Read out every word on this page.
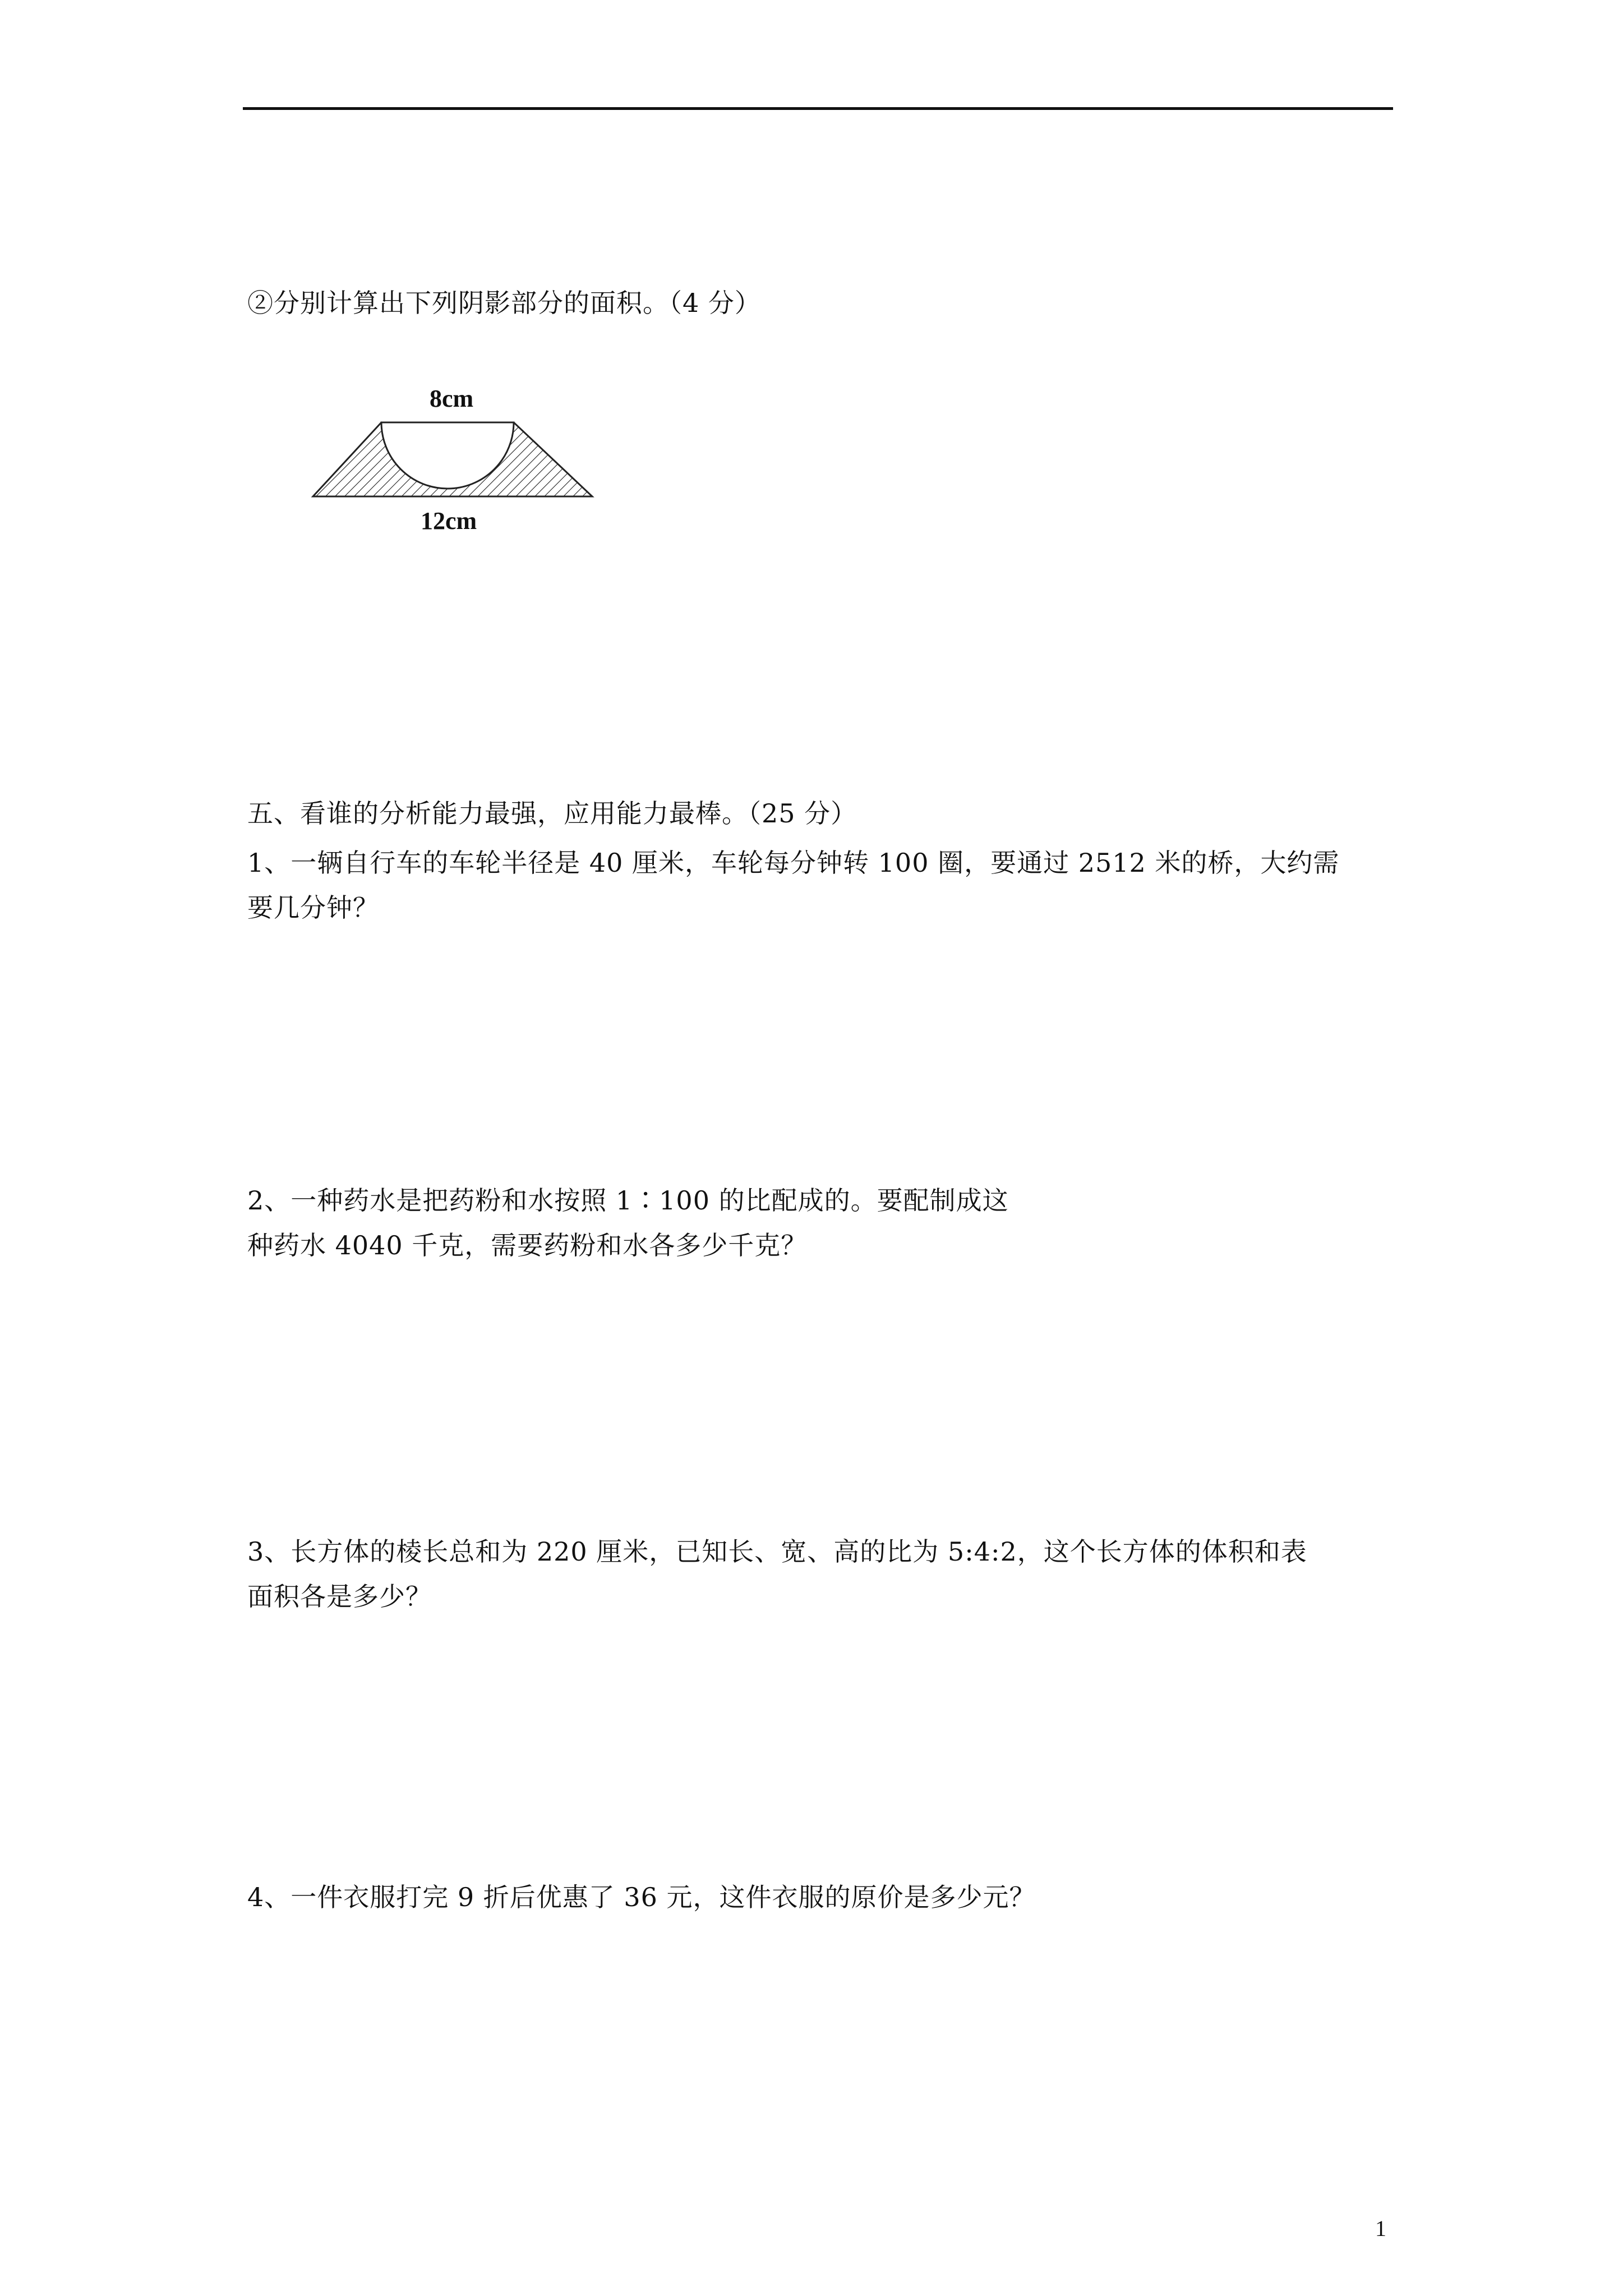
②分别计算出下列阴影部分的面积。（4 分）
8cm
12cm
五、看谁的分析能力最强，应用能力最棒。（25 分）
1、一辆自行车的车轮半径是 40 厘米，车轮每分钟转 100 圈，要通过 2512 米的桥，大约需
要几分钟？
2、一种药水是把药粉和水按照 1∶100 的比配成的。要配制成这
种药水 4040 千克，需要药粉和水各多少千克？
3、长方体的棱长总和为 220 厘米，已知长、宽、高的比为 5:4:2，这个长方体的体积和表
面积各是多少？
4、一件衣服打完 9 折后优惠了 36 元，这件衣服的原价是多少元？
1
